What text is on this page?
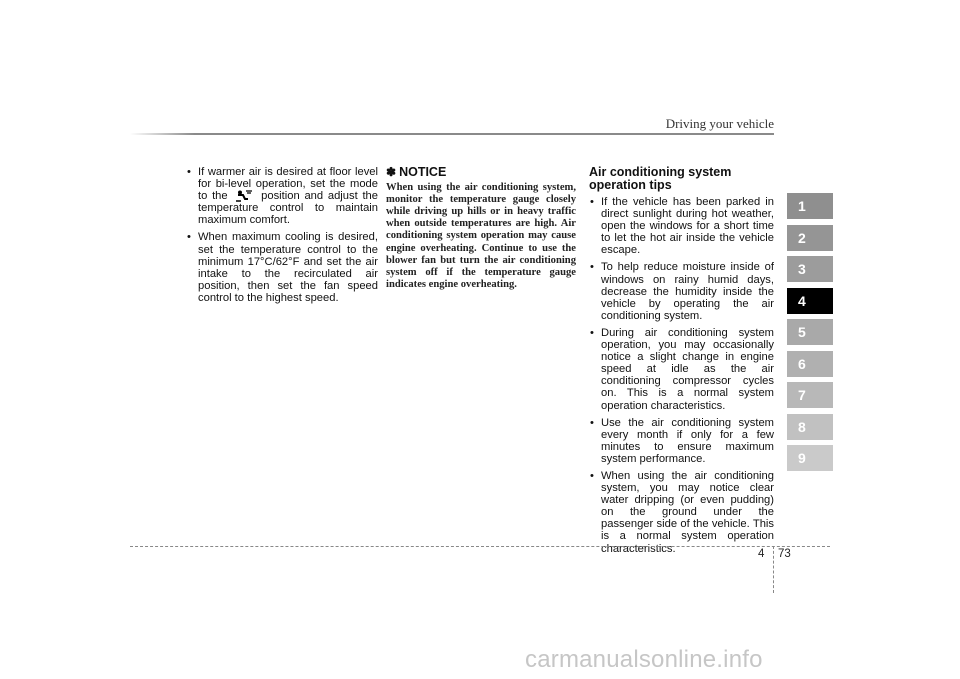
Driving your vehicle
• If warmer air is desired at floor level for bi-level operation, set the mode to the	position and adjust the temperature control to maintain maximum comfort.
• When maximum cooling is desired, set the temperature control to the minimum 17°C/62°F and set the air intake to the recirculated air position, then set the fan speed control to the highest speed.
✽ NOTICE
When using the air conditioning system, monitor the temperature gauge closely while driving up hills or in heavy traffic when outside temperatures are high. Air conditioning system operation may cause engine overheating. Continue to use the blower fan but turn the air conditioning system off if the temperature gauge indicates engine overheating.
Air conditioning system operation tips
• If the vehicle has been parked in direct sunlight during hot weather, open the windows for a short time to let the hot air inside the vehicle escape.
• To help reduce moisture inside of windows on rainy humid days, decrease the humidity inside the vehicle by operating the air conditioning system.
• During air conditioning system operation, you may occasionally notice a slight change in engine speed at idle as the air conditioning compressor cycles on. This is a normal system operation characteristics.
• Use the air conditioning system every month if only for a few minutes to ensure maximum system performance.
• When using the air conditioning system, you may notice clear water dripping (or even pudding) on the ground under the passenger side of the vehicle. This is a normal system operation characteristics.
1
2
3
4
5
6
7
8
9
4 73
carmanualsonline.info
